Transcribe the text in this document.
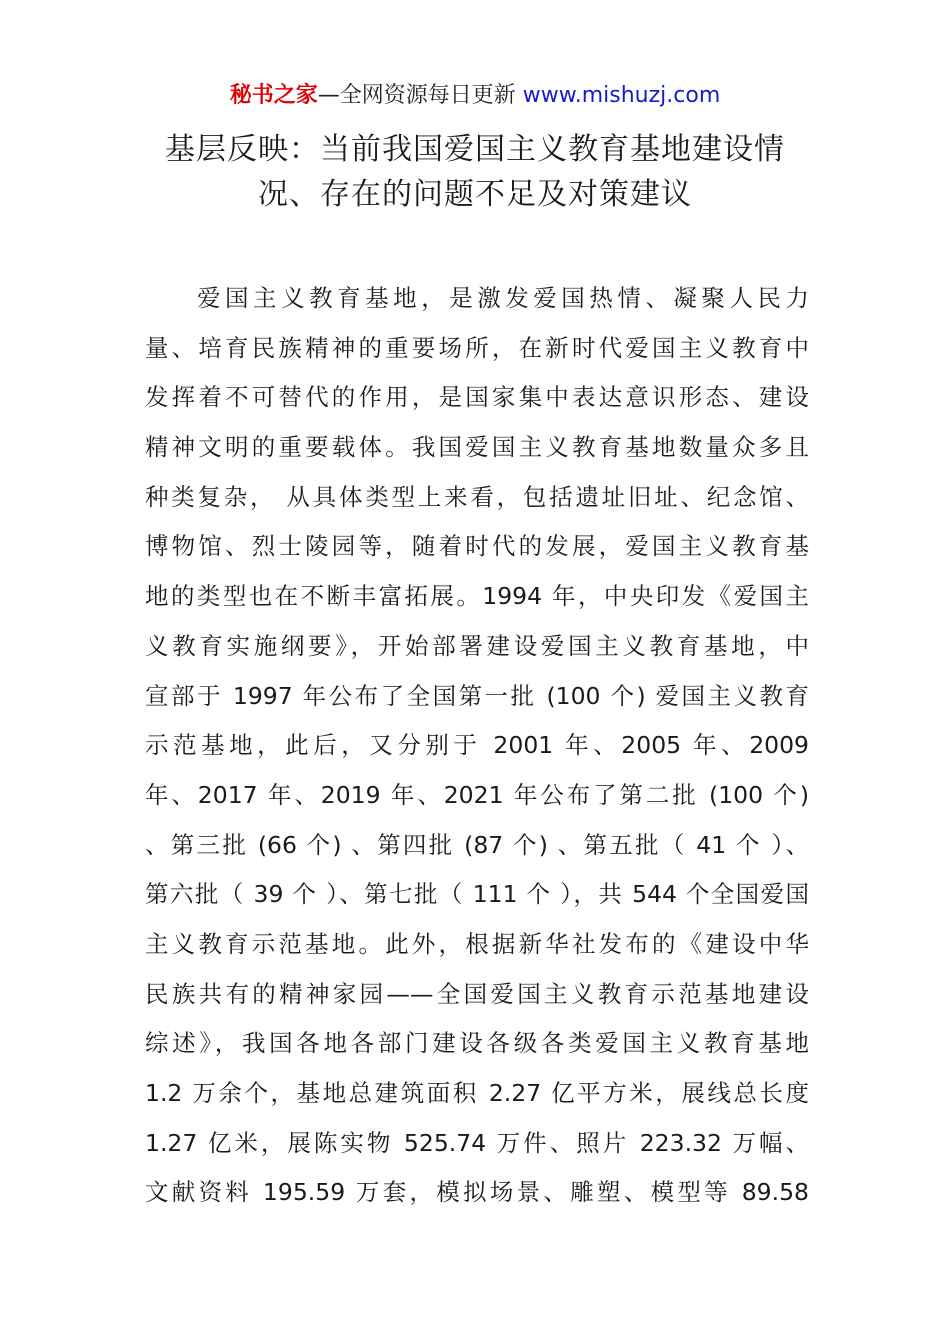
秘书之家—全网资源每日更新 www.mishuzj.com
基层反映：当前我国爱国主义教育基地建设情
况、存在的问题不足及对策建议
爱国主义教育基地，是激发爱国热情、凝聚人民力
量、培育民族精神的重要场所，在新时代爱国主义教育中
发挥着不可替代的作用，是国家集中表达意识形态、建设
精神文明的重要载体。我国爱国主义教育基地数量众多且
种类复杂， 从具体类型上来看，包括遗址旧址、纪念馆、
博物馆、烈士陵园等，随着时代的发展，爱国主义教育基
地的类型也在不断丰富拓展。1994 年，中央印发《爱国主
义教育实施纲要》，开始部署建设爱国主义教育基地，中
宣部于 1997 年公布了全国第一批 (100 个) 爱国主义教育
示范基地，此后，又分别于 2001 年、2005 年、2009
年、2017 年、2019 年、2021 年公布了第二批 (100 个)
、第三批 (66 个) 、第四批 (87 个) 、第五批（ 41 个 ）、
第六批（ 39 个 ）、第七批（ 111 个 ），共 544 个全国爱国
主义教育示范基地。此外，根据新华社发布的《建设中华
民族共有的精神家园——全国爱国主义教育示范基地建设
综述》，我国各地各部门建设各级各类爱国主义教育基地
1.2 万余个，基地总建筑面积 2.27 亿平方米，展线总长度
1.27 亿米，展陈实物 525.74 万件、照片 223.32 万幅、
文献资料 195.59 万套，模拟场景、雕塑、模型等 89.58
